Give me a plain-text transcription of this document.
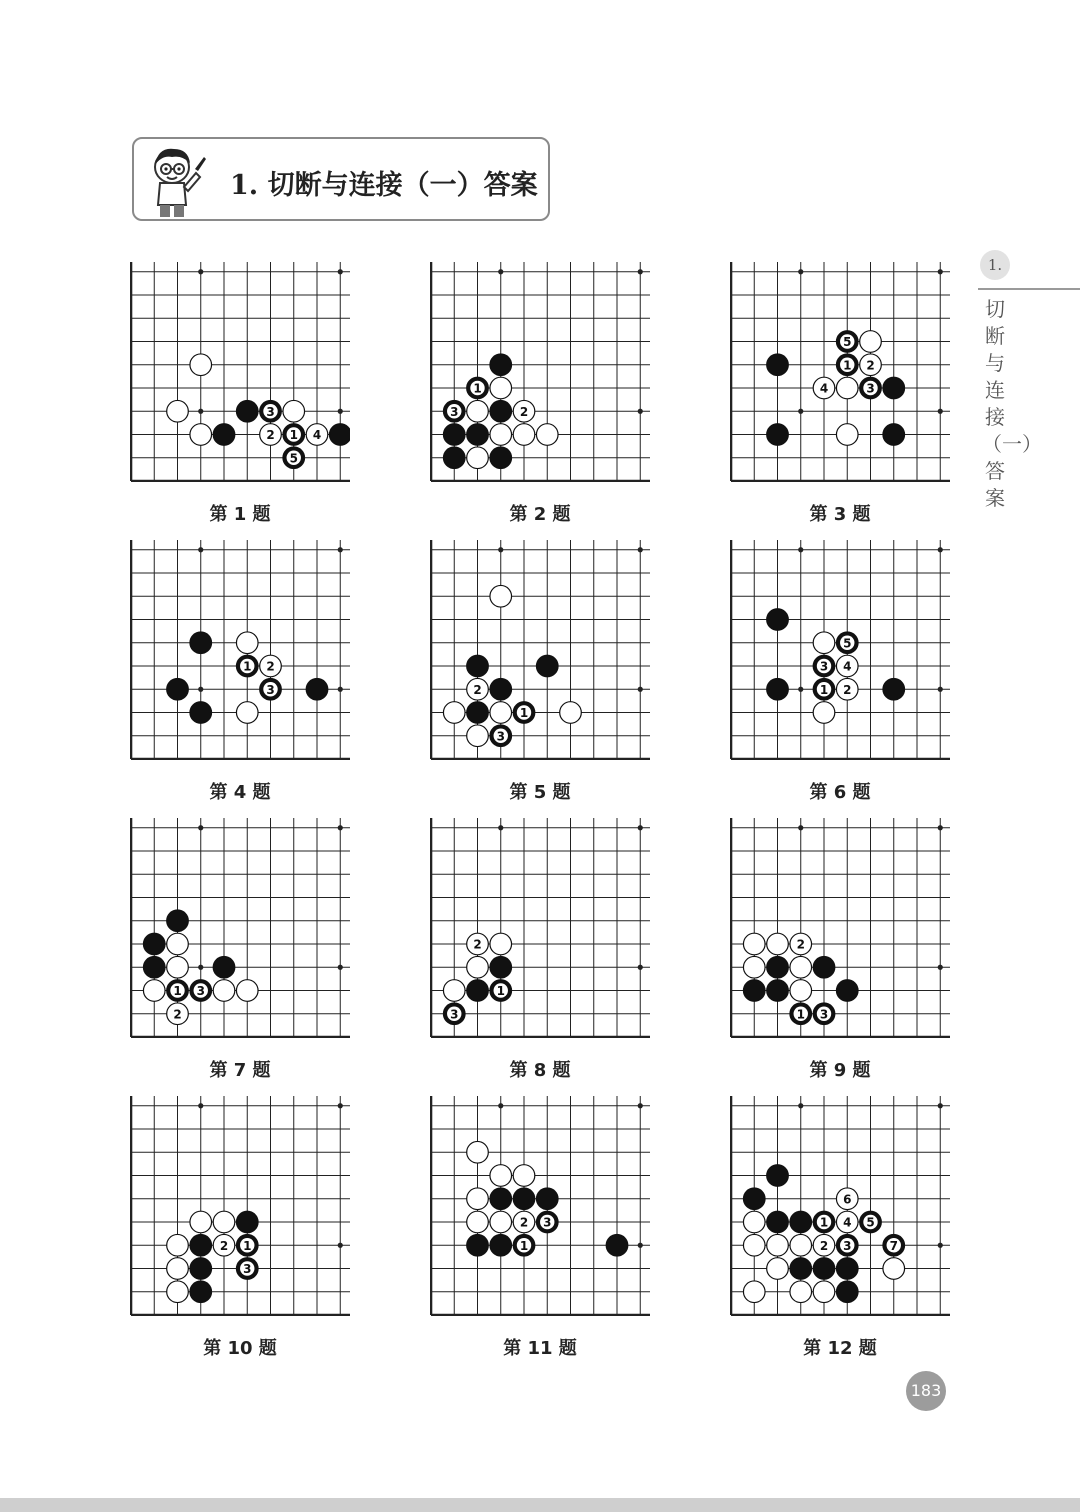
1. 切断与连接（一）答案
1.
切断与连接（一）答案
3
2 1 4
5
第 1 题
1
3	2
第 2 题
5
1 2
4	3
第 3 题
1 2
3
第 4 题
2
1
3
第 5 题
5
3 4
1 2
第 6 题
1 3
2
第 7 题
2
1
3
第 8 题
2
1 3
第 9 题
2 1
3
第 10 题
2 3
1
第 11 题
6
1 4 5
2 3	7
第 12 题
183
